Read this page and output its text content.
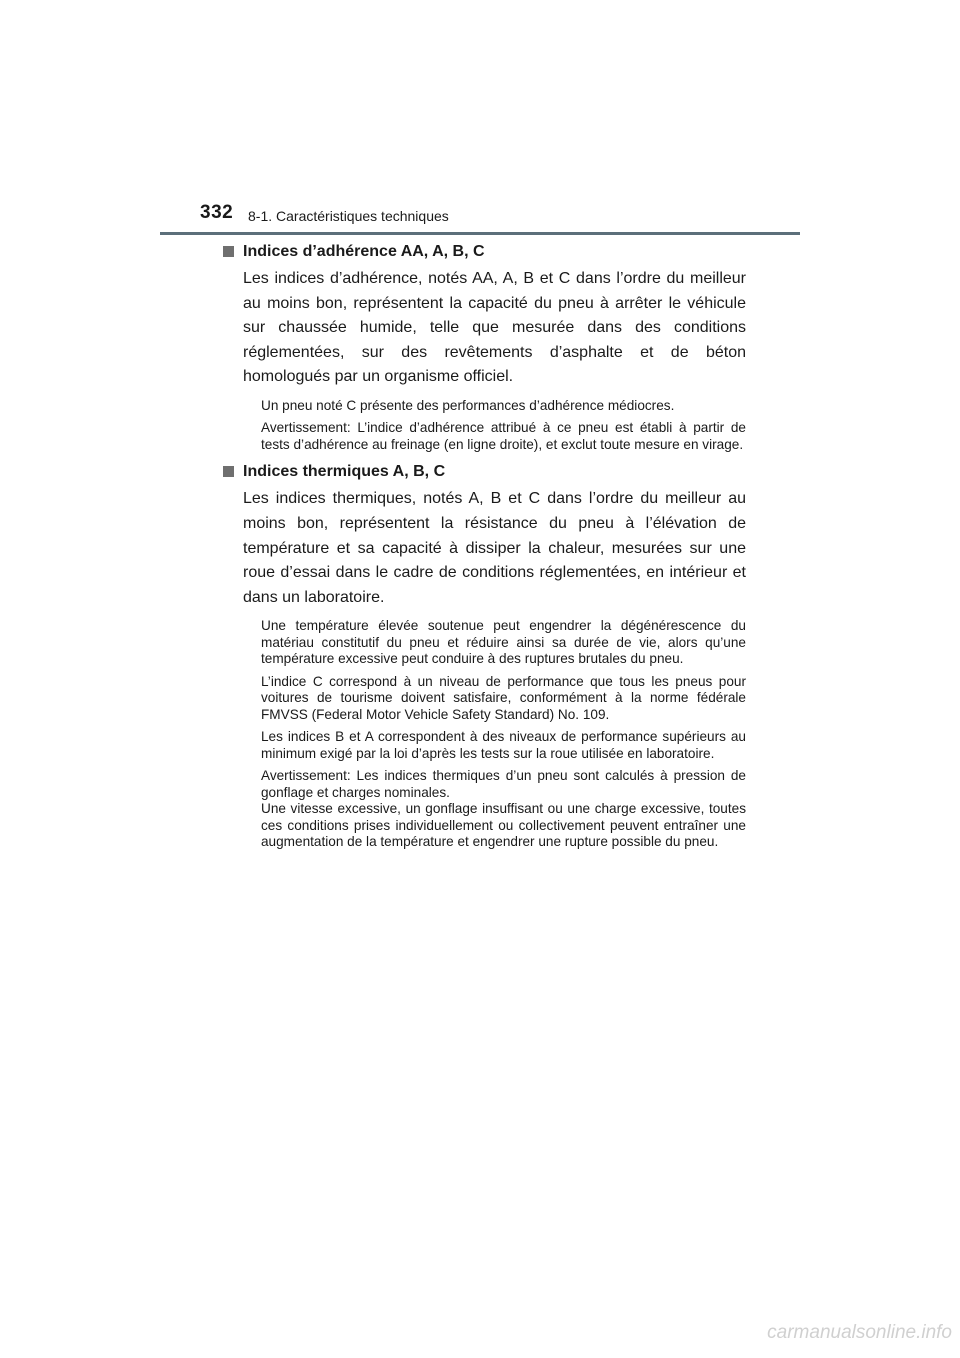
332 8-1. Caractéristiques techniques
Indices d’adhérence AA, A, B, C
Les indices d’adhérence, notés AA, A, B et C dans l’ordre du meilleur au moins bon, représentent la capacité du pneu à arrêter le véhicule sur chaussée humide, telle que mesurée dans des conditions réglementées, sur des revêtements d’asphalte et de béton homologués par un organisme officiel.
Un pneu noté C présente des performances d’adhérence médiocres.
Avertissement: L’indice d’adhérence attribué à ce pneu est établi à partir de tests d’adhérence au freinage (en ligne droite), et exclut toute mesure en virage.
Indices thermiques A, B, C
Les indices thermiques, notés A, B et C dans l’ordre du meilleur au moins bon, représentent la résistance du pneu à l’élévation de température et sa capacité à dissiper la chaleur, mesurées sur une roue d’essai dans le cadre de conditions réglementées, en intérieur et dans un laboratoire.
Une température élevée soutenue peut engendrer la dégénérescence du matériau constitutif du pneu et réduire ainsi sa durée de vie, alors qu’une température excessive peut conduire à des ruptures brutales du pneu.
L’indice C correspond à un niveau de performance que tous les pneus pour voitures de tourisme doivent satisfaire, conformément à la norme fédérale FMVSS (Federal Motor Vehicle Safety Standard) No. 109.
Les indices B et A correspondent à des niveaux de performance supérieurs au minimum exigé par la loi d’après les tests sur la roue utilisée en laboratoire.
Avertissement: Les indices thermiques d’un pneu sont calculés à pression de gonflage et charges nominales.
Une vitesse excessive, un gonflage insuffisant ou une charge excessive, toutes ces conditions prises individuellement ou collectivement peuvent entraîner une augmentation de la température et engendrer une rupture possible du pneu.
carmanualsonline.info
